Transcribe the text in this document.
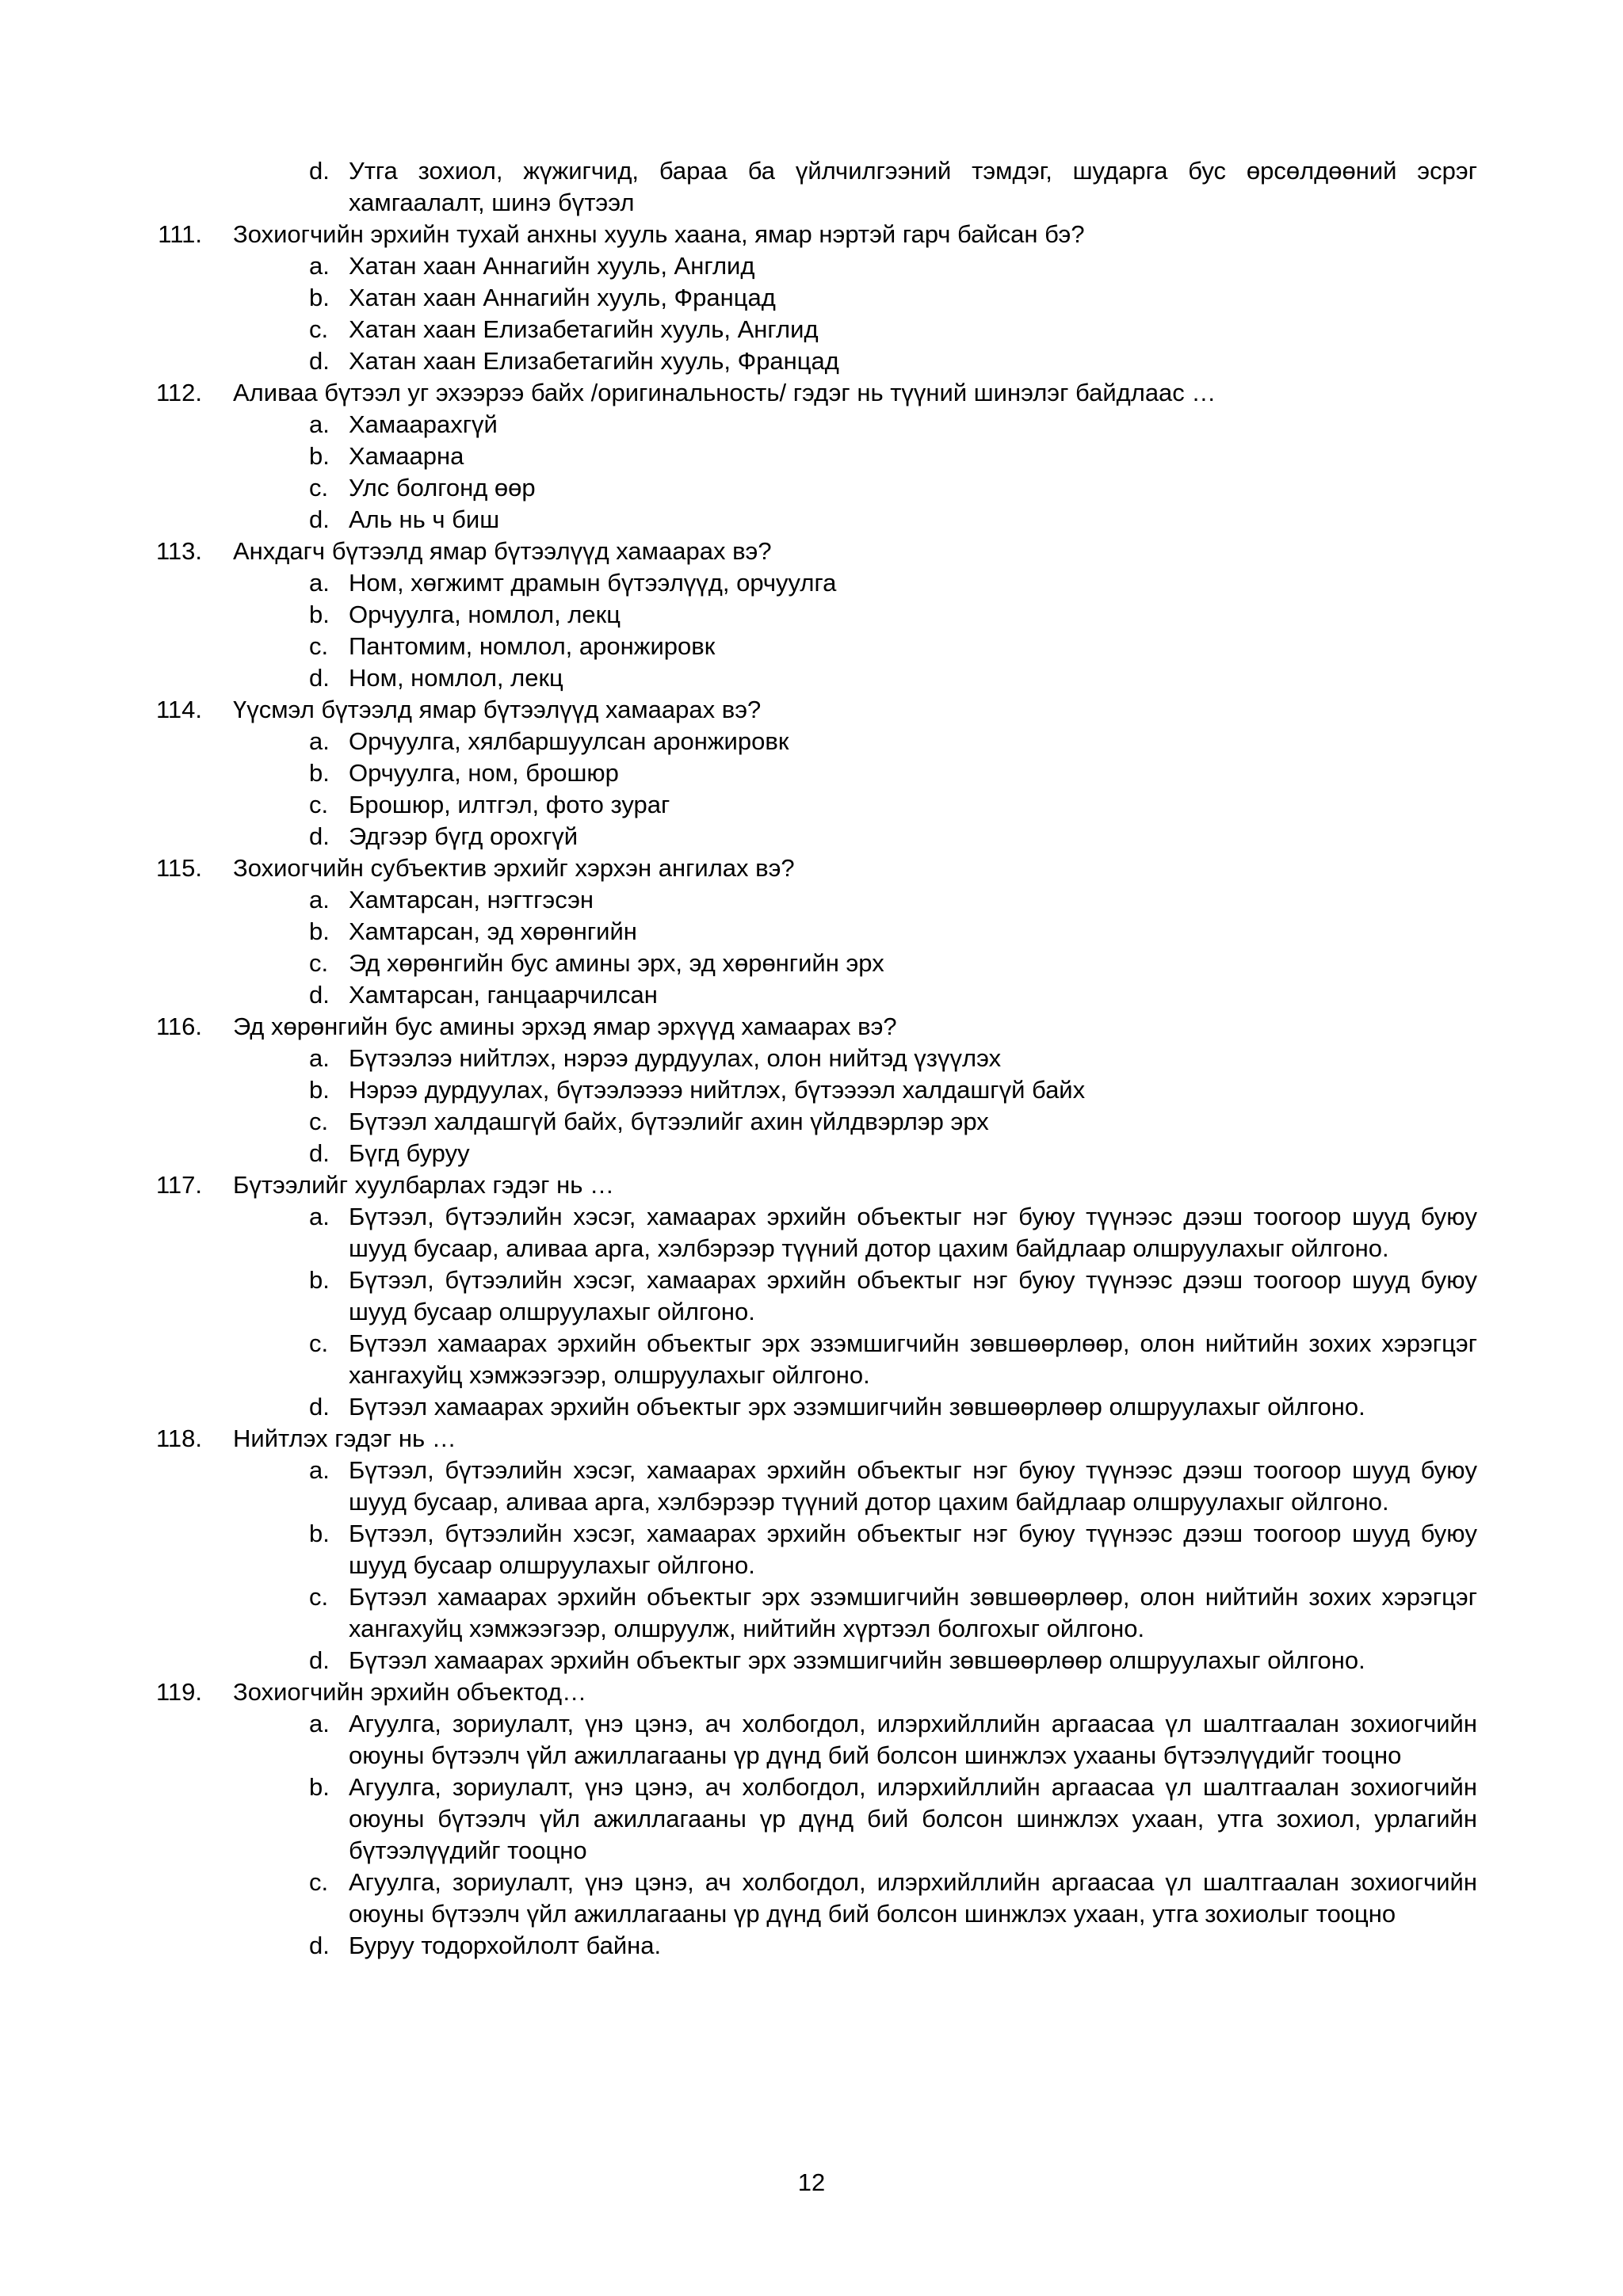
d. Утга зохиол, жүжигчид, бараа ба үйлчилгээний тэмдэг, шударга бус өрсөлдөөний эсрэг хамгаалалт, шинэ бүтээл
111.	Зохиогчийн эрхийн тухай анхны хууль хаана, ямар нэртэй гарч байсан бэ?
a. Хатан хаан Аннагийн хууль, Англид
b. Хатан хаан Аннагийн хууль, Францад
c. Хатан хаан Елизабетагийн хууль, Англид
d. Хатан хаан Елизабетагийн хууль, Францад
112.	Аливаа бүтээл уг эхээрээ байх /оригинальность/ гэдэг нь түүний шинэлэг байдлаас …
a. Хамаарахгүй
b. Хамаарна
c. Улс болгонд өөр
d. Аль нь ч биш
113.	Анхдагч бүтээлд ямар бүтээлүүд хамаарах вэ?
a. Ном, хөгжимт драмын бүтээлүүд, орчуулга
b. Орчуулга, номлол, лекц
c. Пантомим, номлол, аронжировк
d. Ном, номлол, лекц
114.	Үүсмэл бүтээлд ямар бүтээлүүд хамаарах вэ?
a. Орчуулга, хялбаршуулсан аронжировк
b. Орчуулга, ном, брошюр
c. Брошюр, илтгэл, фото зураг
d. Эдгээр бүгд орохгүй
115.	Зохиогчийн субъектив эрхийг хэрхэн ангилах вэ?
a. Хамтарсан, нэгтгэсэн
b. Хамтарсан, эд хөрөнгийн
c. Эд хөрөнгийн бус амины эрх, эд хөрөнгийн эрх
d. Хамтарсан, ганцаарчилсан
116.	Эд хөрөнгийн бус амины эрхэд ямар эрхүүд хамаарах вэ?
a. Бүтээлээ нийтлэх, нэрээ дурдуулах, олон нийтэд үзүүлэх
b. Нэрээ дурдуулах, бүтээлээээ нийтлэх, бүтээээл халдашгүй байх
c. Бүтээл халдашгүй байх, бүтээлийг ахин үйлдвэрлэр эрх
d. Бүгд буруу
117.	Бүтээлийг хуулбарлах гэдэг нь …
a. Бүтээл, бүтээлийн хэсэг, хамаарах эрхийн объектыг нэг буюу түүнээс дээш тоогоор шууд буюу шууд бусаар, аливаа арга, хэлбэрээр түүний дотор цахим байдлаар олшруулахыг ойлгоно.
b. Бүтээл, бүтээлийн хэсэг, хамаарах эрхийн объектыг нэг буюу түүнээс дээш тоогоор шууд буюу шууд бусаар олшруулахыг ойлгоно.
c. Бүтээл хамаарах эрхийн объектыг эрх эзэмшигчийн зөвшөөрлөөр, олон нийтийн зохих хэрэгцэг хангахуйц хэмжээгээр, олшруулахыг ойлгоно.
d. Бүтээл хамаарах эрхийн объектыг эрх эзэмшигчийн зөвшөөрлөөр олшруулахыг ойлгоно.
118.	Нийтлэх гэдэг нь …
a. Бүтээл, бүтээлийн хэсэг, хамаарах эрхийн объектыг нэг буюу түүнээс дээш тоогоор шууд буюу шууд бусаар, аливаа арга, хэлбэрээр түүний дотор цахим байдлаар олшруулахыг ойлгоно.
b. Бүтээл, бүтээлийн хэсэг, хамаарах эрхийн объектыг нэг буюу түүнээс дээш тоогоор шууд буюу шууд бусаар олшруулахыг ойлгоно.
c. Бүтээл хамаарах эрхийн объектыг эрх эзэмшигчийн зөвшөөрлөөр, олон нийтийн зохих хэрэгцэг хангахуйц хэмжээгээр, олшруулж, нийтийн хүртээл болгохыг ойлгоно.
d. Бүтээл хамаарах эрхийн объектыг эрх эзэмшигчийн зөвшөөрлөөр олшруулахыг ойлгоно.
119.	Зохиогчийн эрхийн объектод…
a. Агуулга, зориулалт, үнэ цэнэ, ач холбогдол, илэрхийллийн аргаасаа үл шалтгаалан зохиогчийн оюуны бүтээлч үйл ажиллагааны үр дүнд бий болсон шинжлэх ухааны бүтээлүүдийг тооцно
b. Агуулга, зориулалт, үнэ цэнэ, ач холбогдол, илэрхийллийн аргаасаа үл шалтгаалан зохиогчийн оюуны бүтээлч үйл ажиллагааны үр дүнд бий болсон шинжлэх ухаан, утга зохиол, урлагийн бүтээлүүдийг тооцно
c. Агуулга, зориулалт, үнэ цэнэ, ач холбогдол, илэрхийллийн аргаасаа үл шалтгаалан зохиогчийн оюуны бүтээлч үйл ажиллагааны үр дүнд бий болсон шинжлэх ухаан, утга зохиолыг тооцно
d. Буруу тодорхойлолт байна.
12
